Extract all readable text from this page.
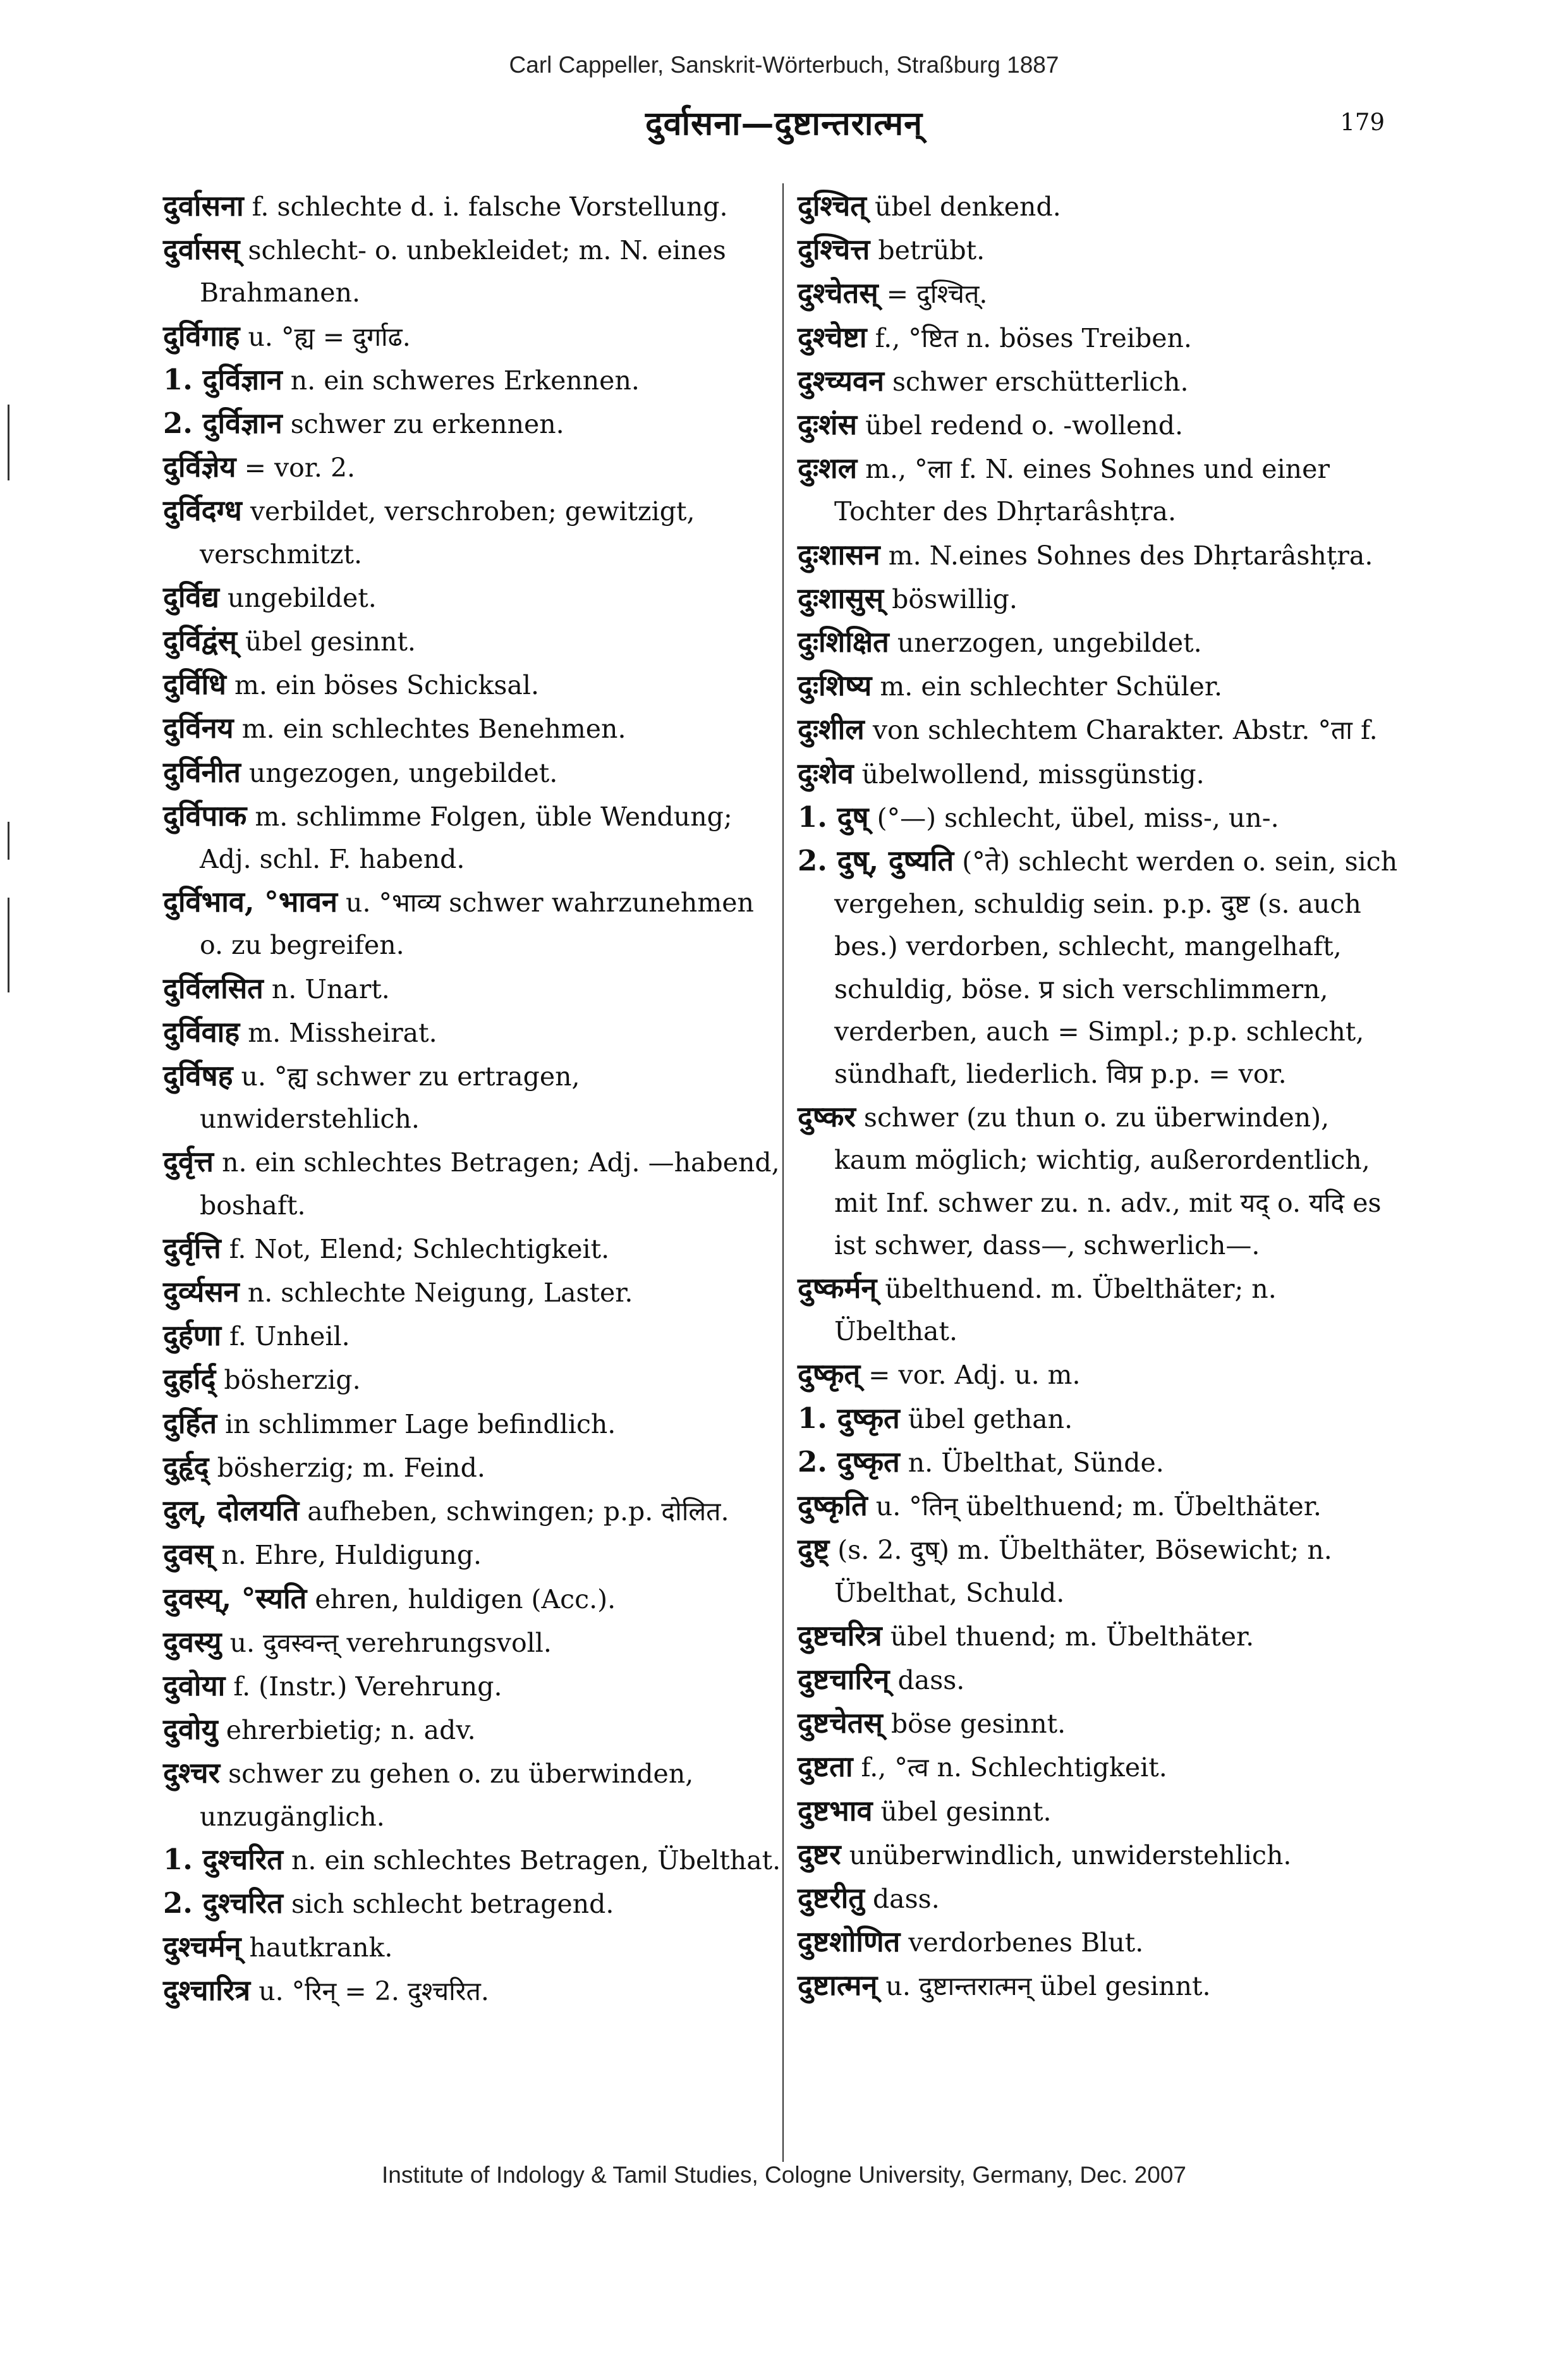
Carl Cappeller, Sanskrit-Wörterbuch, Straßburg 1887
दुर्वासना—दुष्टान्तरात्मन्	179

दुर्वासना f. schlechte d. i. falsche Vorstellung.

दुर्वासस् schlecht- o. unbekleidet; m. N. eines Brahmanen.

दुर्विगाह u. °ह्य = दुर्गाढ.

1. दुर्विज्ञान n. ein schweres Erkennen.

2. दुर्विज्ञान schwer zu erkennen.

दुर्विज्ञेय = vor. 2.

दुर्विदग्ध verbildet, verschroben; gewitzigt, verschmitzt.

दुर्विद्य ungebildet.

दुर्विद्वंस् übel gesinnt.

दुर्विधि m. ein böses Schicksal.

दुर्विनय m. ein schlechtes Benehmen.

दुर्विनीत ungezogen, ungebildet.

दुर्विपाक m. schlimme Folgen, üble Wendung; Adj. schl. F. habend.

दुर्विभाव, °भावन u. °भाव्य schwer wahrzunehmen o. zu begreifen.

दुर्विलसित n. Unart.

दुर्विवाह m. Missheirat.

दुर्विषह u. °ह्य schwer zu ertragen, unwiderstehlich.

दुर्वृत्त n. ein schlechtes Betragen; Adj. —habend, boshaft.

दुर्वृत्ति f. Not, Elend; Schlechtigkeit.

दुर्व्यसन n. schlechte Neigung, Laster.

दुर्हणा f. Unheil.

दुर्हार्द् bösherzig.

दुर्हित in schlimmer Lage befindlich.

दुर्हृद् bösherzig; m. Feind.

दुल्, दोलयति aufheben, schwingen; p.p. दोलित.

दुवस् n. Ehre, Huldigung.

दुवस्य्, °स्यति ehren, huldigen (Acc.).

दुवस्यु u. दुवस्वन्त् verehrungsvoll.

दुवोया f. (Instr.) Verehrung.

दुवोयु ehrerbietig; n. adv.

दुश्चर schwer zu gehen o. zu überwinden, unzugänglich.

1. दुश्चरित n. ein schlechtes Betragen, Übelthat.

2. दुश्चरित sich schlecht betragend.

दुश्चर्मन् hautkrank.

दुश्चारित्र u. °रिन् = 2. दुश्चरित.

दुश्चित् übel denkend.

दुश्चित्त betrübt.

दुश्चेतस् = दुश्चित्.

दुश्चेष्टा f., °ष्टित n. böses Treiben.

दुश्च्यवन schwer erschütterlich.

दुःशंस übel redend o. -wollend.

दुःशल m., °ला f. N. eines Sohnes und einer Tochter des Dhṛtarâshṭra.

दुःशासन m. N.eines Sohnes des Dhṛtarâshṭra.

दुःशासुस् böswillig.

दुःशिक्षित unerzogen, ungebildet.

दुःशिष्य m. ein schlechter Schüler.

दुःशील von schlechtem Charakter. Abstr. °ता f.

दुःशेव übelwollend, missgünstig.

1. दुष् (°—) schlecht, übel, miss-, un-.

2. दुष्, दुष्यति (°ते) schlecht werden o. sein, sich vergehen, schuldig sein. p.p. दुष्ट (s. auch bes.) verdorben, schlecht, mangelhaft, schuldig, böse. प्र sich verschlimmern, verderben, auch = Simpl.; p.p. schlecht, sündhaft, liederlich. विप्र p.p. = vor.

दुष्कर schwer (zu thun o. zu überwinden), kaum möglich; wichtig, außerordentlich, mit Inf. schwer zu. n. adv., mit यद् o. यदि es ist schwer, dass—, schwerlich—.

दुष्कर्मन् übelthuend. m. Übelthäter; n. Übelthat.

दुष्कृत् = vor. Adj. u. m.

1. दुष्कृत übel gethan.

2. दुष्कृत n. Übelthat, Sünde.

दुष्कृति u. °तिन् übelthuend; m. Übelthäter.

दुष्ट् (s. 2. दुष्) m. Übelthäter, Bösewicht; n. Übelthat, Schuld.

दुष्टचरित्र übel thuend; m. Übelthäter.

दुष्टचारिन् dass.

दुष्टचेतस् böse gesinnt.

दुष्टता f., °त्व n. Schlechtigkeit.

दुष्टभाव übel gesinnt.

दुष्टर unüberwindlich, unwiderstehlich.

दुष्टरीतु dass.

दुष्टशोणित verdorbenes Blut.

दुष्टात्मन् u. दुष्टान्तरात्मन् übel gesinnt.

Institute of Indology & Tamil Studies, Cologne University, Germany, Dec. 2007
